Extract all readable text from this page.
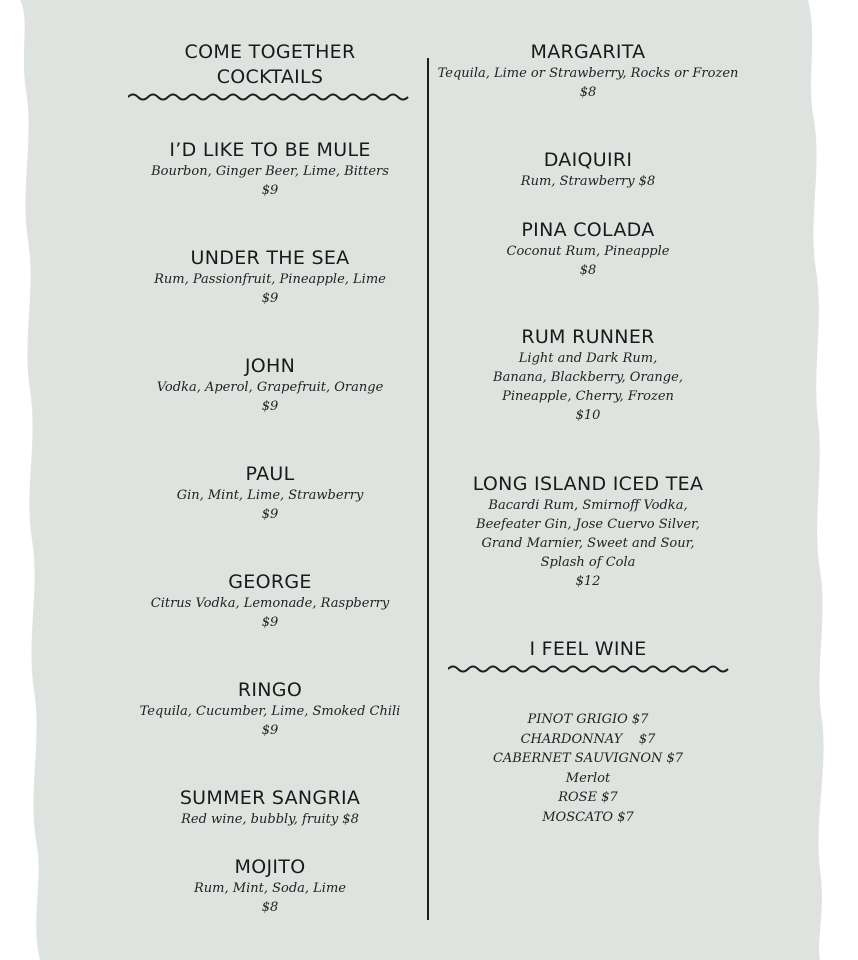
COME TOGETHER
COCKTAILS
I’D LIKE TO BE MULE
Bourbon, Ginger Beer, Lime, Bitters
$9
UNDER THE SEA
Rum, Passionfruit, Pineapple, Lime
$9
JOHN
Vodka, Aperol, Grapefruit, Orange
$9
PAUL
Gin, Mint, Lime, Strawberry
$9
GEORGE
Citrus Vodka, Lemonade, Raspberry
$9
RINGO
Tequila, Cucumber, Lime, Smoked Chili
$9
SUMMER SANGRIA
Red wine, bubbly, fruity $8
MOJITO
Rum, Mint, Soda, Lime
$8
MARGARITA
Tequila, Lime or Strawberry, Rocks or Frozen
$8
DAIQUIRI
Rum, Strawberry $8
PINA COLADA
Coconut Rum, Pineapple
$8
RUM RUNNER
Light and Dark Rum,
Banana, Blackberry, Orange,
Pineapple, Cherry, Frozen
$10
LONG ISLAND ICED TEA
Bacardi Rum, Smirnoff Vodka,
Beefeater Gin, Jose Cuervo Silver,
Grand Marnier, Sweet and Sour,
Splash of Cola
$12
I FEEL WINE
PINOT GRIGIO $7
CHARDONNAY    $7
CABERNET SAUVIGNON $7
Merlot
ROSE $7
MOSCATO $7
